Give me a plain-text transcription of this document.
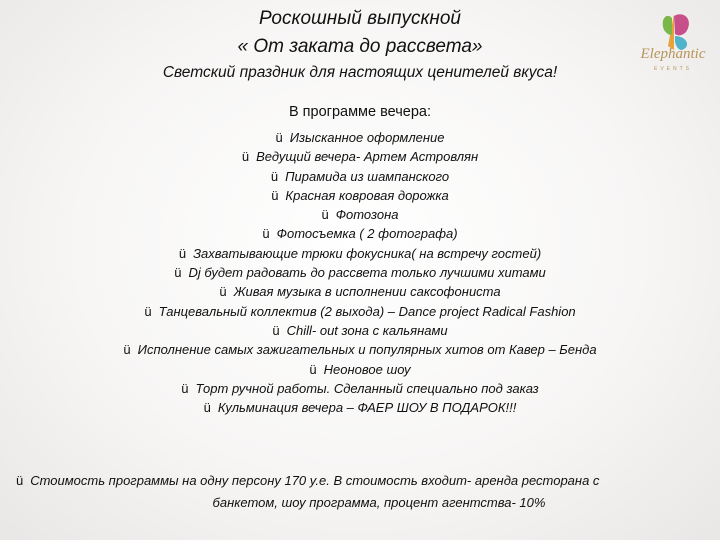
Роскошный выпускной
« От заката до рассвета»
Светский праздник для настоящих ценителей вкуса!
Elephantic
EVENTS
В программе вечера:
ü Изысканное оформление
ü Ведущий вечера- Артем Астровлян
ü Пирамида из шампанского
ü Красная ковровая дорожка
ü Фотозона
ü Фотосъемка ( 2 фотографа)
ü Захватывающие трюки фокусника( на встречу гостей)
ü Dj будет радовать до рассвета только лучшими хитами
ü Живая музыка в исполнении саксофониста
ü Танцевальный коллектив (2 выхода) – Dance project Radical Fashion
ü Chill- out зона с кальянами
ü Исполнение самых зажигательных и популярных хитов от Кавер – Бенда
ü Неоновое шоу
ü Торт ручной работы. Сделанный специально под заказ
ü Кульминация вечера – ФАЕР ШОУ В ПОДАРОК!!!
ü Стоимость программы на одну персону 170 у.е. В стоимость входит- аренда ресторана с
банкетом, шоу программа, процент агентства- 10%
